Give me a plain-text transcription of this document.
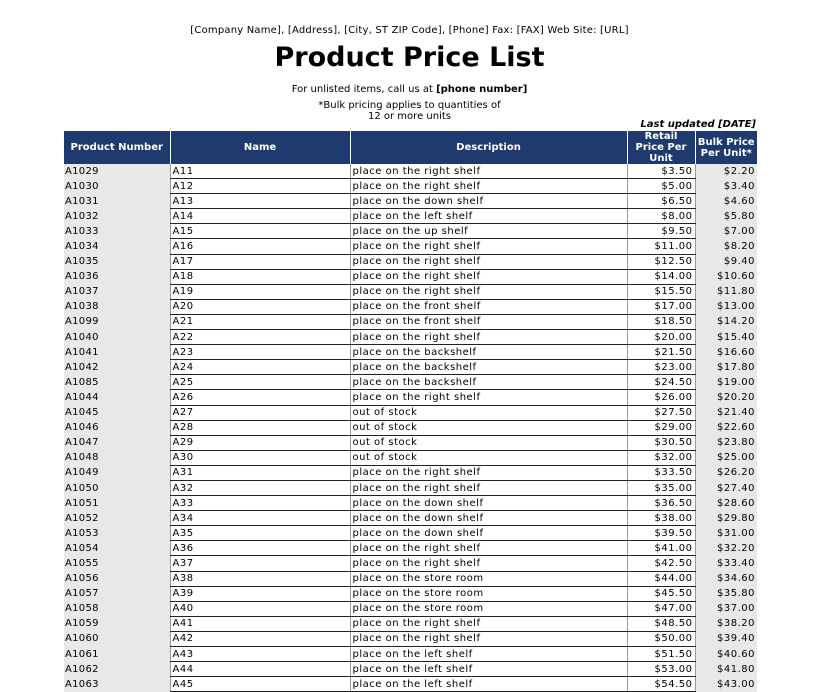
[Company Name], [Address], [City, ST ZIP Code], [Phone] Fax: [FAX] Web Site: [URL]
Product Price List
For unlisted items, call us at [phone number]
*Bulk pricing applies to quantities of
12 or more units
Last updated [DATE]
Product Number	Name	Description	Retail Price Per Unit	Bulk Price Per Unit*
A1029	A11	place on the right shelf	$3.50	$2.20
A1030	A12	place on the right shelf	$5.00	$3.40
A1031	A13	place on the down shelf	$6.50	$4.60
A1032	A14	place on the left shelf	$8.00	$5.80
A1033	A15	place on the up shelf	$9.50	$7.00
A1034	A16	place on the right shelf	$11.00	$8.20
A1035	A17	place on the right shelf	$12.50	$9.40
A1036	A18	place on the right shelf	$14.00	$10.60
A1037	A19	place on the right shelf	$15.50	$11.80
A1038	A20	place on the front shelf	$17.00	$13.00
A1099	A21	place on the front shelf	$18.50	$14.20
A1040	A22	place on the right shelf	$20.00	$15.40
A1041	A23	place on the backshelf	$21.50	$16.60
A1042	A24	place on the backshelf	$23.00	$17.80
A1085	A25	place on the backshelf	$24.50	$19.00
A1044	A26	place on the right shelf	$26.00	$20.20
A1045	A27	out of stock	$27.50	$21.40
A1046	A28	out of stock	$29.00	$22.60
A1047	A29	out of stock	$30.50	$23.80
A1048	A30	out of stock	$32.00	$25.00
A1049	A31	place on the right shelf	$33.50	$26.20
A1050	A32	place on the right shelf	$35.00	$27.40
A1051	A33	place on the down shelf	$36.50	$28.60
A1052	A34	place on the down shelf	$38.00	$29.80
A1053	A35	place on the down shelf	$39.50	$31.00
A1054	A36	place on the right shelf	$41.00	$32.20
A1055	A37	place on the right shelf	$42.50	$33.40
A1056	A38	place on the store room	$44.00	$34.60
A1057	A39	place on the store room	$45.50	$35.80
A1058	A40	place on the store room	$47.00	$37.00
A1059	A41	place on the right shelf	$48.50	$38.20
A1060	A42	place on the right shelf	$50.00	$39.40
A1061	A43	place on the left shelf	$51.50	$40.60
A1062	A44	place on the left shelf	$53.00	$41.80
A1063	A45	place on the left shelf	$54.50	$43.00
